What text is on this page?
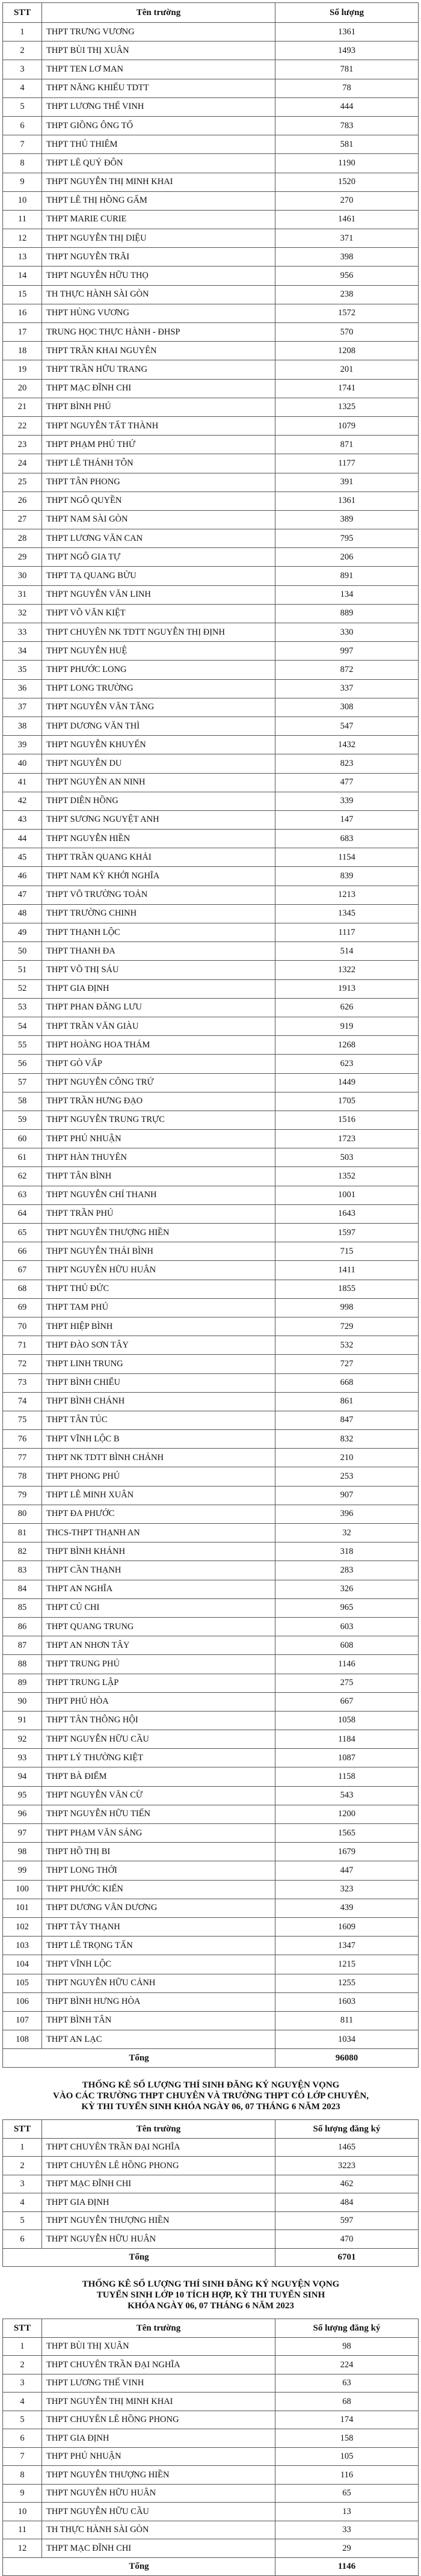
STT	Tên trường	Số lượng
1	THPT TRƯNG VƯƠNG	1361
2	THPT BÙI THỊ XUÂN	1493
3	THPT TEN LƠ MAN	781
4	THPT NĂNG KHIẾU TDTT	78
5	THPT LƯƠNG THẾ VINH	444
6	THPT GIỒNG ÔNG TỐ	783
7	THPT THỦ THIÊM	581
8	THPT LÊ QUÝ ĐÔN	1190
9	THPT NGUYỄN THỊ MINH KHAI	1520
10	THPT LÊ THỊ HỒNG GẤM	270
11	THPT MARIE CURIE	1461
12	THPT NGUYỄN THỊ DIỆU	371
13	THPT NGUYỄN TRÃI	398
14	THPT NGUYỄN HỮU THỌ	956
15	TH THỰC HÀNH SÀI GÒN	238
16	THPT HÙNG VƯƠNG	1572
17	TRUNG HỌC THỰC HÀNH - ĐHSP	570
18	THPT TRẦN KHAI NGUYÊN	1208
19	THPT TRẦN HỮU TRANG	201
20	THPT MẠC ĐĨNH CHI	1741
21	THPT BÌNH PHÚ	1325
22	THPT NGUYỄN TẤT THÀNH	1079
23	THPT PHẠM PHÚ THỨ	871
24	THPT LÊ THÁNH TÔN	1177
25	THPT TÂN PHONG	391
26	THPT NGÔ QUYỀN	1361
27	THPT NAM SÀI GÒN	389
28	THPT LƯƠNG VĂN CAN	795
29	THPT NGÔ GIA TỰ	206
30	THPT TẠ QUANG BỬU	891
31	THPT NGUYỄN VĂN LINH	134
32	THPT VÕ VĂN KIỆT	889
33	THPT CHUYÊN NK TDTT NGUYỄN THỊ ĐỊNH	330
34	THPT NGUYỄN HUỆ	997
35	THPT PHƯỚC LONG	872
36	THPT LONG TRƯỜNG	337
37	THPT NGUYỄN VĂN TĂNG	308
38	THPT DƯƠNG VĂN THÌ	547
39	THPT NGUYỄN KHUYẾN	1432
40	THPT NGUYỄN DU	823
41	THPT NGUYỄN AN NINH	477
42	THPT DIÊN HỒNG	339
43	THPT SƯƠNG NGUYỆT ANH	147
44	THPT NGUYỄN HIỀN	683
45	THPT TRẦN QUANG KHẢI	1154
46	THPT NAM KỲ KHỞI NGHĨA	839
47	THPT VÕ TRƯỜNG TOẢN	1213
48	THPT TRƯỜNG CHINH	1345
49	THPT THẠNH LỘC	1117
50	THPT THANH ĐA	514
51	THPT VÕ THỊ SÁU	1322
52	THPT GIA ĐỊNH	1913
53	THPT PHAN ĐĂNG LƯU	626
54	THPT TRẦN VĂN GIÀU	919
55	THPT HOÀNG HOA THÁM	1268
56	THPT GÒ VẤP	623
57	THPT NGUYỄN CÔNG TRỨ	1449
58	THPT TRẦN HƯNG ĐẠO	1705
59	THPT NGUYỄN TRUNG TRỰC	1516
60	THPT PHÚ NHUẬN	1723
61	THPT HÀN THUYÊN	503
62	THPT TÂN BÌNH	1352
63	THPT NGUYỄN CHÍ THANH	1001
64	THPT TRẦN PHÚ	1643
65	THPT NGUYỄN THƯỢNG HIỀN	1597
66	THPT NGUYỄN THÁI BÌNH	715
67	THPT NGUYỄN HỮU HUÂN	1411
68	THPT THỦ ĐỨC	1855
69	THPT TAM PHÚ	998
70	THPT HIỆP BÌNH	729
71	THPT ĐÀO SƠN TÂY	532
72	THPT LINH TRUNG	727
73	THPT BÌNH CHIỂU	668
74	THPT BÌNH CHÁNH	861
75	THPT TÂN TÚC	847
76	THPT VĨNH LỘC B	832
77	THPT NK TDTT BÌNH CHÁNH	210
78	THPT PHONG PHÚ	253
79	THPT LÊ MINH XUÂN	907
80	THPT ĐA PHƯỚC	396
81	THCS-THPT THẠNH AN	32
82	THPT BÌNH KHÁNH	318
83	THPT CẦN THẠNH	283
84	THPT AN NGHĨA	326
85	THPT CỦ CHI	965
86	THPT QUANG TRUNG	603
87	THPT AN NHƠN TÂY	608
88	THPT TRUNG PHÚ	1146
89	THPT TRUNG LẬP	275
90	THPT PHÚ HÒA	667
91	THPT TÂN THÔNG HỘI	1058
92	THPT NGUYỄN HỮU CẦU	1184
93	THPT LÝ THƯỜNG KIỆT	1087
94	THPT BÀ ĐIỂM	1158
95	THPT NGUYỄN VĂN CỪ	543
96	THPT NGUYỄN HỮU TIẾN	1200
97	THPT PHẠM VĂN SÁNG	1565
98	THPT HỒ THỊ BI	1679
99	THPT LONG THỚI	447
100	THPT PHƯỚC KIỂN	323
101	THPT DƯƠNG VĂN DƯƠNG	439
102	THPT TÂY THẠNH	1609
103	THPT LÊ TRỌNG TẤN	1347
104	THPT VĨNH LỘC	1215
105	THPT NGUYỄN HỮU CẢNH	1255
106	THPT BÌNH HƯNG HÒA	1603
107	THPT BÌNH TÂN	811
108	THPT AN LẠC	1034
Tổng		96080
THỐNG KÊ SỐ LƯỢNG THÍ SINH ĐĂNG KÝ NGUYỆN VỌNG
VÀO CÁC TRƯỜNG THPT CHUYÊN VÀ TRƯỜNG THPT CÓ LỚP CHUYÊN,
KỲ THI TUYỂN SINH KHÓA NGÀY 06, 07 THÁNG 6 NĂM 2023
STT	Tên trường	Số lượng đăng ký
1	THPT CHUYÊN TRẦN ĐẠI NGHĨA	1465
2	THPT CHUYÊN LÊ HỒNG PHONG	3223
3	THPT MẠC ĐĨNH CHI	462
4	THPT GIA ĐỊNH	484
5	THPT NGUYỄN THƯỢNG HIỀN	597
6	THPT NGUYỄN HỮU HUÂN	470
Tổng		6701
THỐNG KÊ SỐ LƯỢNG THÍ SINH ĐĂNG KÝ NGUYỆN VỌNG
TUYỂN SINH LỚP 10 TÍCH HỢP, KỲ THI TUYỂN SINH
KHÓA NGÀY 06, 07 THÁNG 6 NĂM 2023
STT	Tên trường	Số lượng đăng ký
1	THPT BÙI THỊ XUÂN	98
2	THPT CHUYÊN TRẦN ĐẠI NGHĨA	224
3	THPT LƯƠNG THẾ VINH	63
4	THPT NGUYỄN THỊ MINH KHAI	68
5	THPT CHUYÊN LÊ HỒNG PHONG	174
6	THPT GIA ĐỊNH	158
7	THPT PHÚ NHUẬN	105
8	THPT NGUYỄN THƯỢNG HIỀN	116
9	THPT NGUYỄN HỮU HUÂN	65
10	THPT NGUYỄN HỮU CẦU	13
11	TH THỰC HÀNH SÀI GÒN	33
12	THPT MẠC ĐĨNH CHI	29
Tổng		1146
